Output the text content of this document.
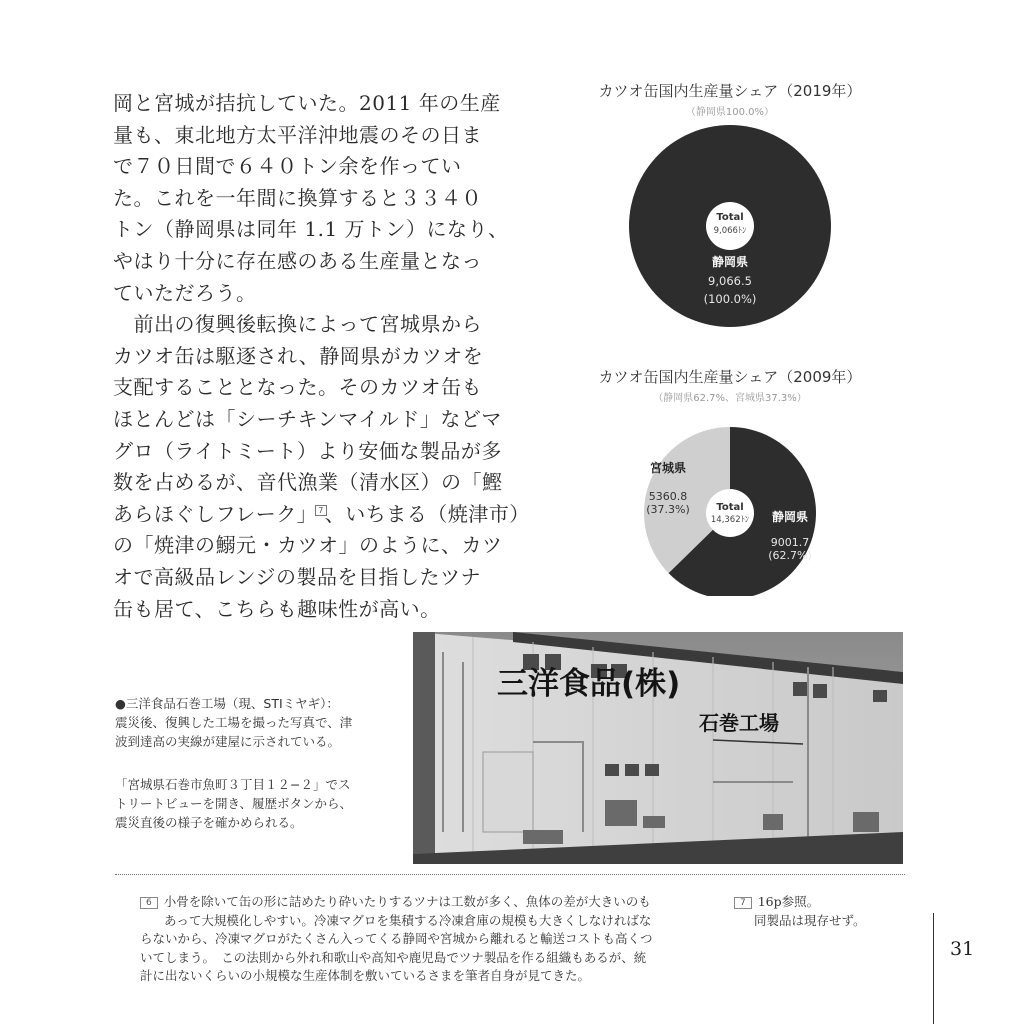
岡と宮城が拮抗していた。2011 年の生産
量も、東北地方太平洋沖地震のその日ま
で７０日間で６４０トン余を作ってい
た。これを一年間に換算すると３３４０
トン（静岡県は同年 1.1 万トン）になり、
やはり十分に存在感のある生産量となっ
ていただろう。
　前出の復興後転換によって宮城県から
カツオ缶は駆逐され、静岡県がカツオを
支配することとなった。そのカツオ缶も
ほとんどは「シーチキンマイルド」などマ
グロ（ライトミート）より安価な製品が多
数を占めるが、音代漁業（清水区）の「鰹
あらほぐしフレーク」7、いちまる（焼津市）
の「焼津の鰯元・カツオ」のように、カツ
オで高級品レンジの製品を目指したツナ
缶も居て、こちらも趣味性が高い。
カツオ缶国内生産量シェア（2019年）
（静岡県100.0%）
Total
9,066ﾄﾝ
静岡県
9,066.5
(100.0%)
カツオ缶国内生産量シェア（2009年）
（静岡県62.7%、宮城県37.3%）
Total
14,362ﾄﾝ 静岡県
9001.7
(62.7%)
宮城県
5360.8
(37.3%)
三洋食品(株)
石巻工場
●三洋食品石巻工場（現、STIミヤギ）：
震災後、復興した工場を撮った写真で、津
波到達高の実線が建屋に示されている。
「宮城県石巻市魚町３丁目１２−２」でス
トリートビューを開き、履歴ボタンから、
震災直後の様子を確かめられる。
6 小骨を除いて缶の形に詰めたり砕いたりするツナは工数が多く、魚体の差が大きいのも
あって大規模化しやすい。冷凍マグロを集積する冷凍倉庫の規模も大きくしなければな
らないから、冷凍マグロがたくさん入ってくる静岡や宮城から離れると輸送コストも高くつ
いてしまう。　この法則から外れ和歌山や高知や鹿児島でツナ製品を作る組織もあるが、統
計に出ないくらいの小規模な生産体制を敷いているさまを筆者自身が見てきた。
7 16p参照。
同製品は現存せず。
31
